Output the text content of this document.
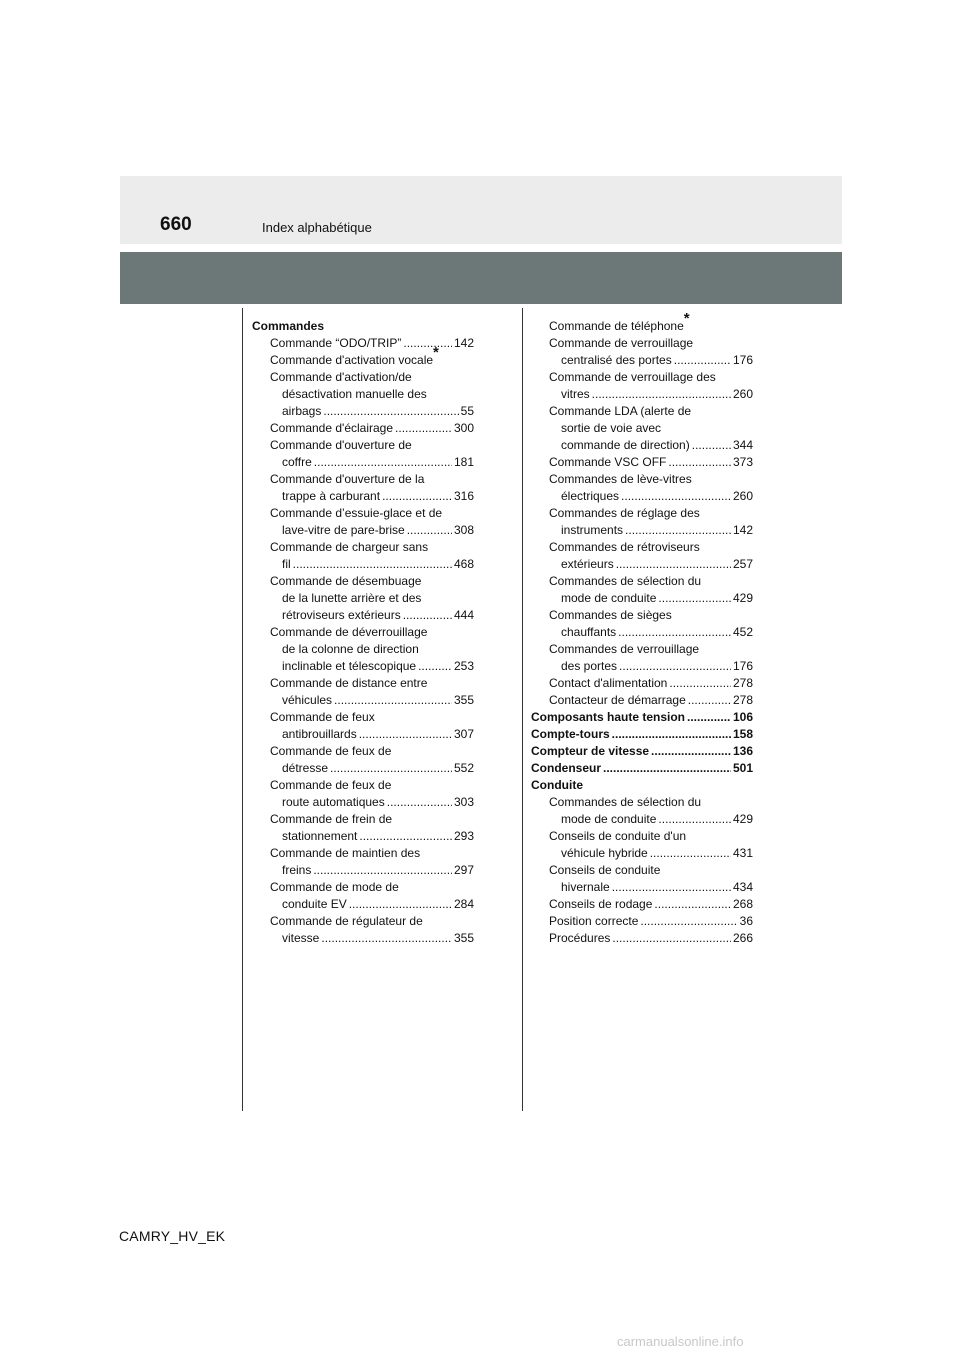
660	Index alphabétique
Commandes
Commande “ODO/TRIP” .....	142
Commande d'activation vocale*
Commande d'activation/de
désactivation manuelle des
airbags .....	55
Commande d'éclairage .....	300
Commande d'ouverture de
coffre .....	181
Commande d'ouverture de la
trappe à carburant .....	316
Commande d’essuie-glace et de
lave-vitre de pare-brise .....	308
Commande de chargeur sans
fil .....	468
Commande de désembuage
de la lunette arrière et des
rétroviseurs extérieurs .....	444
Commande de déverrouillage
de la colonne de direction
inclinable et télescopique .....	253
Commande de distance entre
véhicules .....	355
Commande de feux
antibrouillards .....	307
Commande de feux de
détresse .....	552
Commande de feux de
route automatiques .....	303
Commande de frein de
stationnement .....	293
Commande de maintien des
freins .....	297
Commande de mode de
conduite EV .....	284
Commande de régulateur de
vitesse .....	355
Commande de téléphone*
Commande de verrouillage
centralisé des portes .....	176
Commande de verrouillage des
vitres .....	260
Commande LDA (alerte de
sortie de voie avec
commande de direction) .....	344
Commande VSC OFF .....	373
Commandes de lève-vitres
électriques .....	260
Commandes de réglage des
instruments .....	142
Commandes de rétroviseurs
extérieurs .....	257
Commandes de sélection du
mode de conduite .....	429
Commandes de sièges
chauffants .....	452
Commandes de verrouillage
des portes .....	176
Contact d'alimentation .....	278
Contacteur de démarrage .....	278
Composants haute tension .....	106
Compte-tours .....	158
Compteur de vitesse .....	136
Condenseur .....	501
Conduite
Commandes de sélection du
mode de conduite .....	429
Conseils de conduite d'un
véhicule hybride .....	431
Conseils de conduite
hivernale .....	434
Conseils de rodage .....	268
Position correcte .....	36
Procédures .....	266
CAMRY_HV_EK
carmanualsonline.info
